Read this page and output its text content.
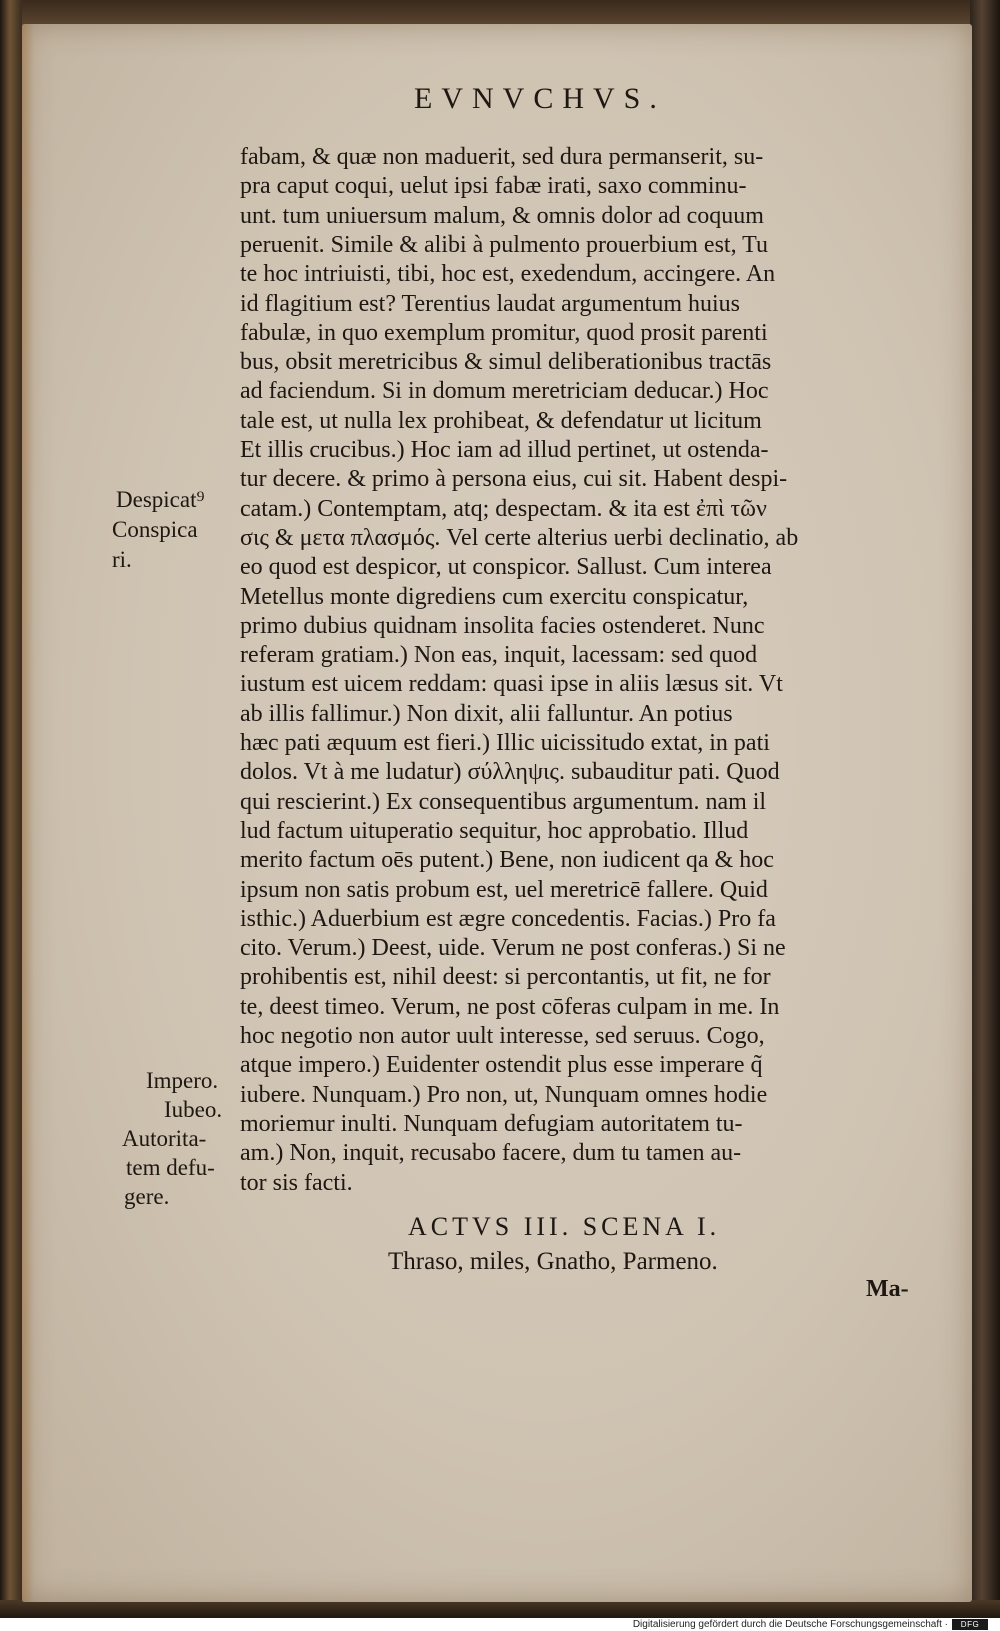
EVNVCHVS.
fabam, & quæ non maduerit, sed dura permanserit, su-
pra caput coqui, uelut ipsi fabæ irati, saxo comminu-
unt. tum uniuersum malum, & omnis dolor ad coquum
peruenit. Simile & alibi à pulmento prouerbium est, Tu
te hoc intriuisti, tibi, hoc est, exedendum, accingere. An
id flagitium est? Terentius laudat argumentum huius
fabulæ, in quo exemplum promitur, quod prosit parenti
bus, obsit meretricibus & simul deliberationibus tractās
ad faciendum. Si in domum meretriciam deducar.) Hoc
tale est, ut nulla lex prohibeat, & defendatur ut licitum
Et illis crucibus.) Hoc iam ad illud pertinet, ut ostenda-
tur decere. & primo à persona eius, cui sit. Habent despi-
catam.) Contemptam, atq; despectam. & ita est ἐπὶ τῶν
σις & μετα πλασμός. Vel certe alterius uerbi declinatio, ab
eo quod est despicor, ut conspicor. Sallust. Cum interea
Metellus monte digrediens cum exercitu conspicatur,
primo dubius quidnam insolita facies ostenderet. Nunc
referam gratiam.) Non eas, inquit, lacessam: sed quod
iustum est uicem reddam: quasi ipse in aliis læsus sit. Vt
ab illis fallimur.) Non dixit, alii falluntur. An potius
hæc pati æquum est fieri.) Illic uicissitudo extat, in pati
dolos. Vt à me ludatur) σύλληψις. subauditur pati. Quod
qui rescierint.) Ex consequentibus argumentum. nam il
lud factum uituperatio sequitur, hoc approbatio. Illud
merito factum oēs putent.) Bene, non iudicent qa & hoc
ipsum non satis probum est, uel meretricē fallere. Quid
isthic.) Aduerbium est ægre concedentis. Facias.) Pro fa
cito. Verum.) Deest, uide. Verum ne post conferas.) Si ne
prohibentis est, nihil deest: si percontantis, ut fit, ne for
te, deest timeo. Verum, ne post cōferas culpam in me. In
hoc negotio non autor uult interesse, sed seruus. Cogo,
atque impero.) Euidenter ostendit plus esse imperare q̃
iubere. Nunquam.) Pro non, ut, Nunquam omnes hodie
moriemur inulti. Nunquam defugiam autoritatem tu-
am.) Non, inquit, recusabo facere, dum tu tamen au-
tor sis facti.
Despicat⁹
Conspica
ri.
Impero.
Iubeo.
Autorita-
tem defu-
gere.
ACTVS III. SCENA I.
Thraso, miles, Gnatho, Parmeno.
Ma-
Digitalisierung gefördert durch die Deutsche Forschungsgemeinschaft ·	DFG
